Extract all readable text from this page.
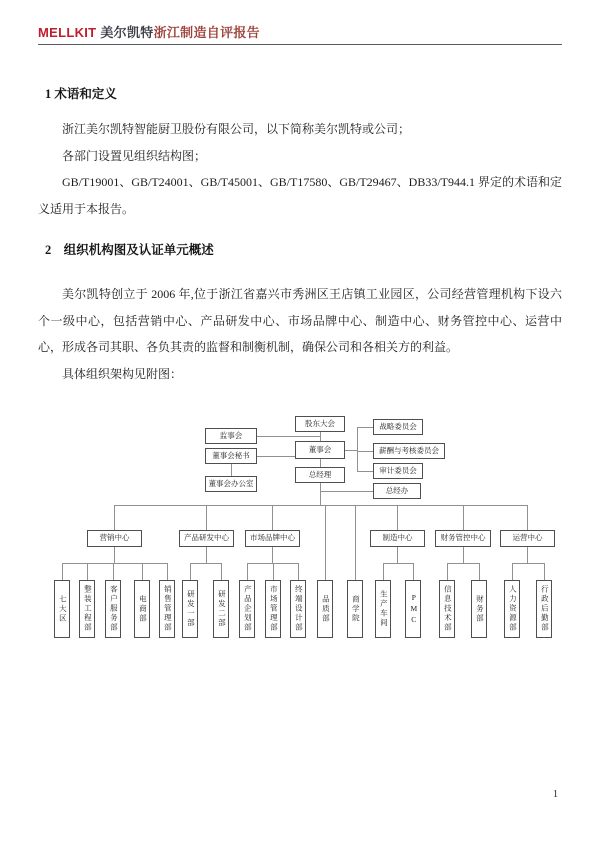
MELLKIT 美尔凯特浙江制造自评报告
1 术语和定义

浙江美尔凯特智能厨卫股份有限公司，以下简称美尔凯特或公司；

各部门设置见组织结构图；

GB/T19001、GB/T24001、GB/T45001、GB/T17580、GB/T29467、DB33/T944.1 界定的术语和定义适用于本报告。

2　组织机构图及认证单元概述

美尔凯特创立于 2006 年,位于浙江省嘉兴市秀洲区王店镇工业园区，公司经营管理机构下设六个一级中心，包括营销中心、产品研发中心、市场品牌中心、制造中心、财务管控中心、运营中心，形成各司其职、各负其责的监督和制衡机制，确保公司和各相关方的利益。

具体组织架构见附图：

股东大会
监事会
董事会
董事会秘书
董事会办公室
战略委员会
薪酬与考核委员会
审计委员会
总经理
总经办
营销中心	产品研发中心	市场品牌中心	制造中心	财务管控中心	运营中心
七大区	整装工程部	客户服务部	电商部	销售管理部	研发一部	研发二部	产品企划部	市场管理部	终端设计部	品质部	商学院	生产车间	PMC	信息技术部	财务部	人力资源部	行政后勤部
1
